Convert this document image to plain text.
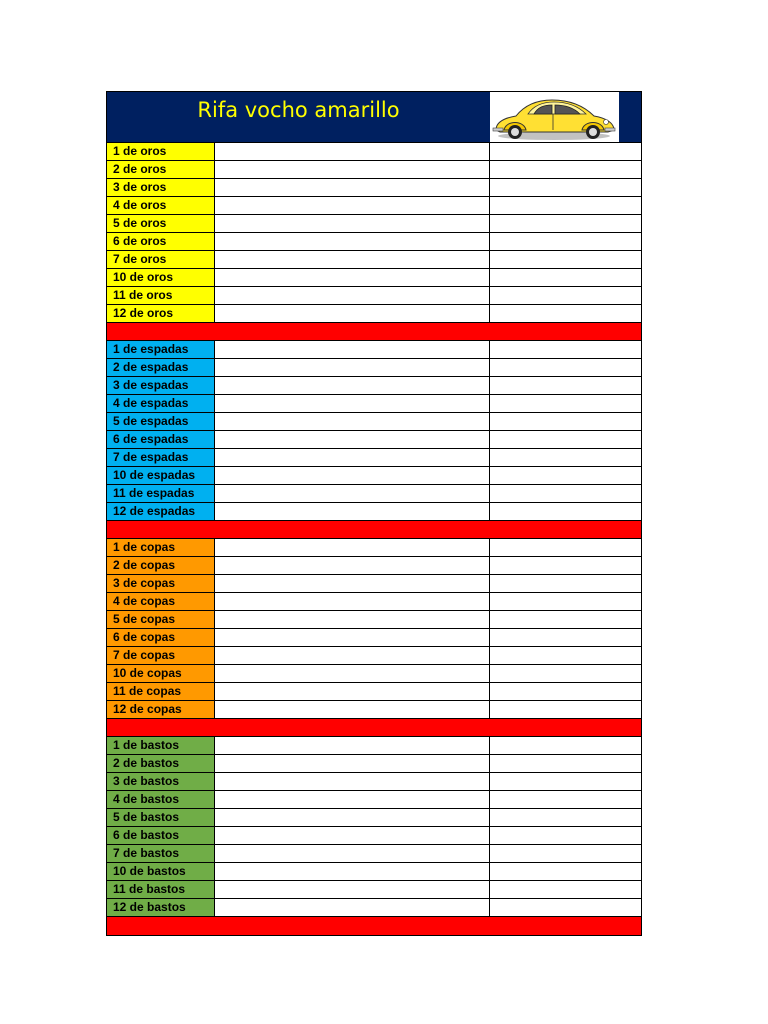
Rifa vocho amarillo
1 de oros
2 de oros
3 de oros
4 de oros
5 de oros
6 de oros
7 de oros
10 de oros
11 de oros
12 de oros
1 de espadas
2 de espadas
3 de espadas
4 de espadas
5 de espadas
6 de espadas
7 de espadas
10 de espadas
11 de espadas
12 de espadas
1 de copas
2 de copas
3 de copas
4 de copas
5 de copas
6 de copas
7 de copas
10 de copas
11 de copas
12 de copas
1 de bastos
2 de bastos
3 de bastos
4 de bastos
5 de bastos
6 de bastos
7 de bastos
10 de bastos
11 de bastos
12 de bastos
